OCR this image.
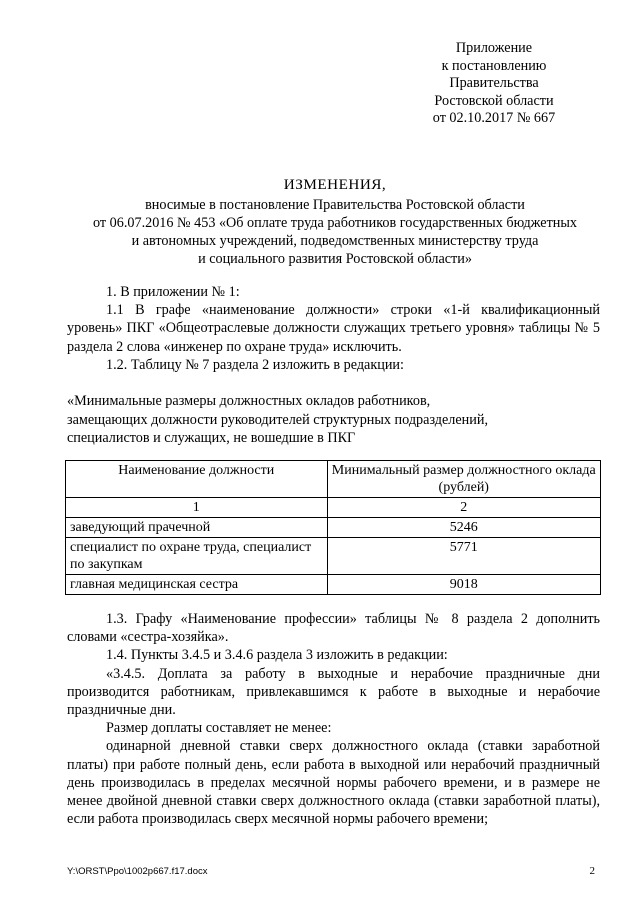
Приложение
к постановлению
Правительства
Ростовской области
от 02.10.2017 № 667
ИЗМЕНЕНИЯ,
вносимые в постановление Правительства Ростовской области
от 06.07.2016 № 453 «Об оплате труда работников государственных бюджетных
и автономных учреждений, подведомственных министерству труда
и социального развития Ростовской области»

1. В приложении № 1:

1.1 В графе «наименование должности» строки «1-й квалификационный уровень» ПКГ «Общеотраслевые должности служащих третьего уровня» таблицы № 5 раздела 2 слова «инженер по охране труда» исключить.

1.2. Таблицу № 7 раздела 2 изложить в редакции:

«Минимальные размеры должностных окладов работников,
замещающих должности руководителей структурных подразделений,
специалистов и служащих, не вошедшие в ПКГ

Наименование должности	Минимальный размер должностного оклада (рублей)
1	2
заведующий прачечной	5246
специалист по охране труда, специалист по закупкам	5771
главная медицинская сестра	9018

1.3. Графу «Наименование профессии» таблицы № 8 раздела 2 дополнить словами «сестра-хозяйка».

1.4. Пункты 3.4.5 и 3.4.6 раздела 3 изложить в редакции:

«3.4.5. Доплата за работу в выходные и нерабочие праздничные дни производится работникам, привлекавшимся к работе в выходные и нерабочие праздничные дни.

Размер доплаты составляет не менее:

одинарной дневной ставки сверх должностного оклада (ставки заработной платы) при работе полный день, если работа в выходной или нерабочий праздничный день производилась в пределах месячной нормы рабочего времени, и в размере не менее двойной дневной ставки сверх должностного оклада (ставки заработной платы), если работа производилась сверх месячной нормы рабочего времени;

Y:\ORST\Ppo\1002p667.f17.docx	2
